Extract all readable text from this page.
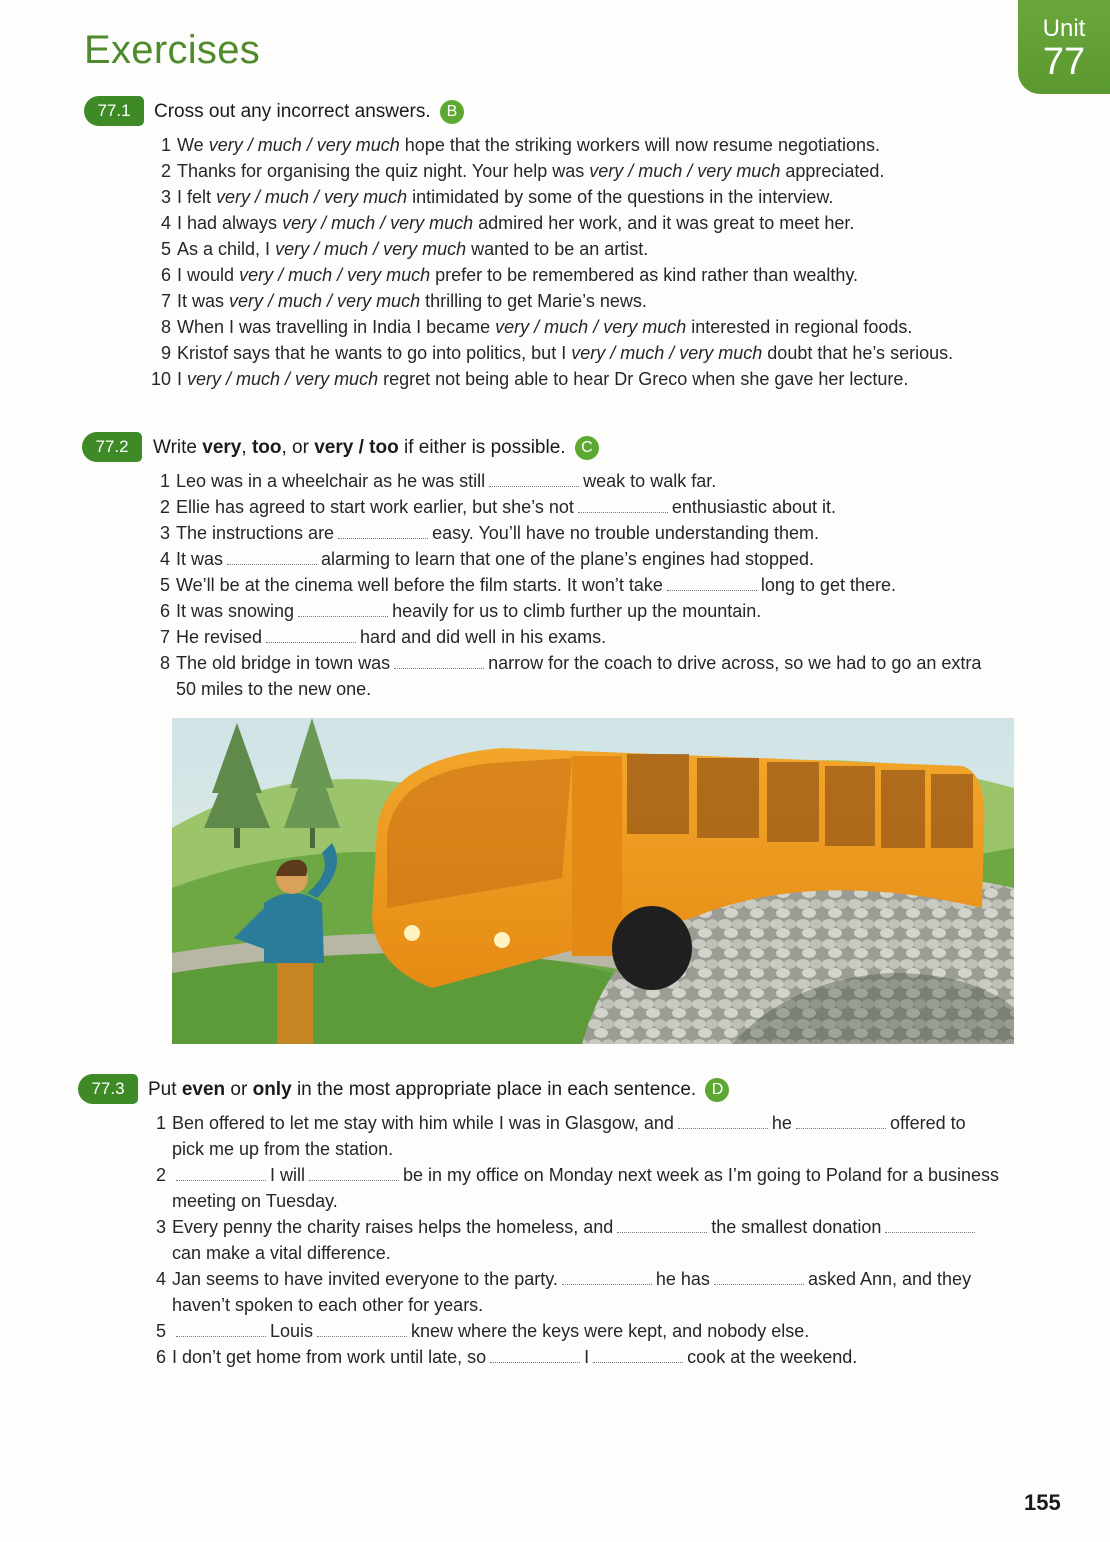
Exercises	Unit
77
77.1	Cross out any incorrect answers. B
1 We very / much / very much hope that the striking workers will now resume negotiations.
2 Thanks for organising the quiz night. Your help was very / much / very much appreciated.
3 I felt very / much / very much intimidated by some of the questions in the interview.
4 I had always very / much / very much admired her work, and it was great to meet her.
5 As a child, I very / much / very much wanted to be an artist.
6 I would very / much / very much prefer to be remembered as kind rather than wealthy.
7 It was very / much / very much thrilling to get Marie’s news.
8 When I was travelling in India I became very / much / very much interested in regional foods.
9 Kristof says that he wants to go into politics, but I very / much / very much doubt that he’s serious.
10 I very / much / very much regret not being able to hear Dr Greco when she gave her lecture.
77.2	Write very, too, or very / too if either is possible. C
1 Leo was in a wheelchair as he was still	weak to walk far.
2 Ellie has agreed to start work earlier, but she’s not	enthusiastic about it.
3 The instructions are	easy. You’ll have no trouble understanding them.
4 It was	alarming to learn that one of the plane’s engines had stopped.
5 We’ll be at the cinema well before the film starts. It won’t take	long to get there.
6 It was snowing	heavily for us to climb further up the mountain.
7 He revised	hard and did well in his exams.
8 The old bridge in town was	narrow for the coach to drive across, so we had to go an extra 50 miles to the new one.
77.3	Put even or only in the most appropriate place in each sentence. D
1 Ben offered to let me stay with him while I was in Glasgow, and	he	offered to pick me up from the station.
2	I will	be in my office on Monday next week as I’m going to Poland for a business meeting on Tuesday.
3 Every penny the charity raises helps the homeless, and	the smallest donationcan make a vital difference.
4 Jan seems to have invited everyone to the party.	he has	asked Ann, and they haven’t spoken to each other for years.
5	Louis	knew where the keys were kept, and nobody else.
6 I don’t get home from work until late, so	I	cook at the weekend.
155
